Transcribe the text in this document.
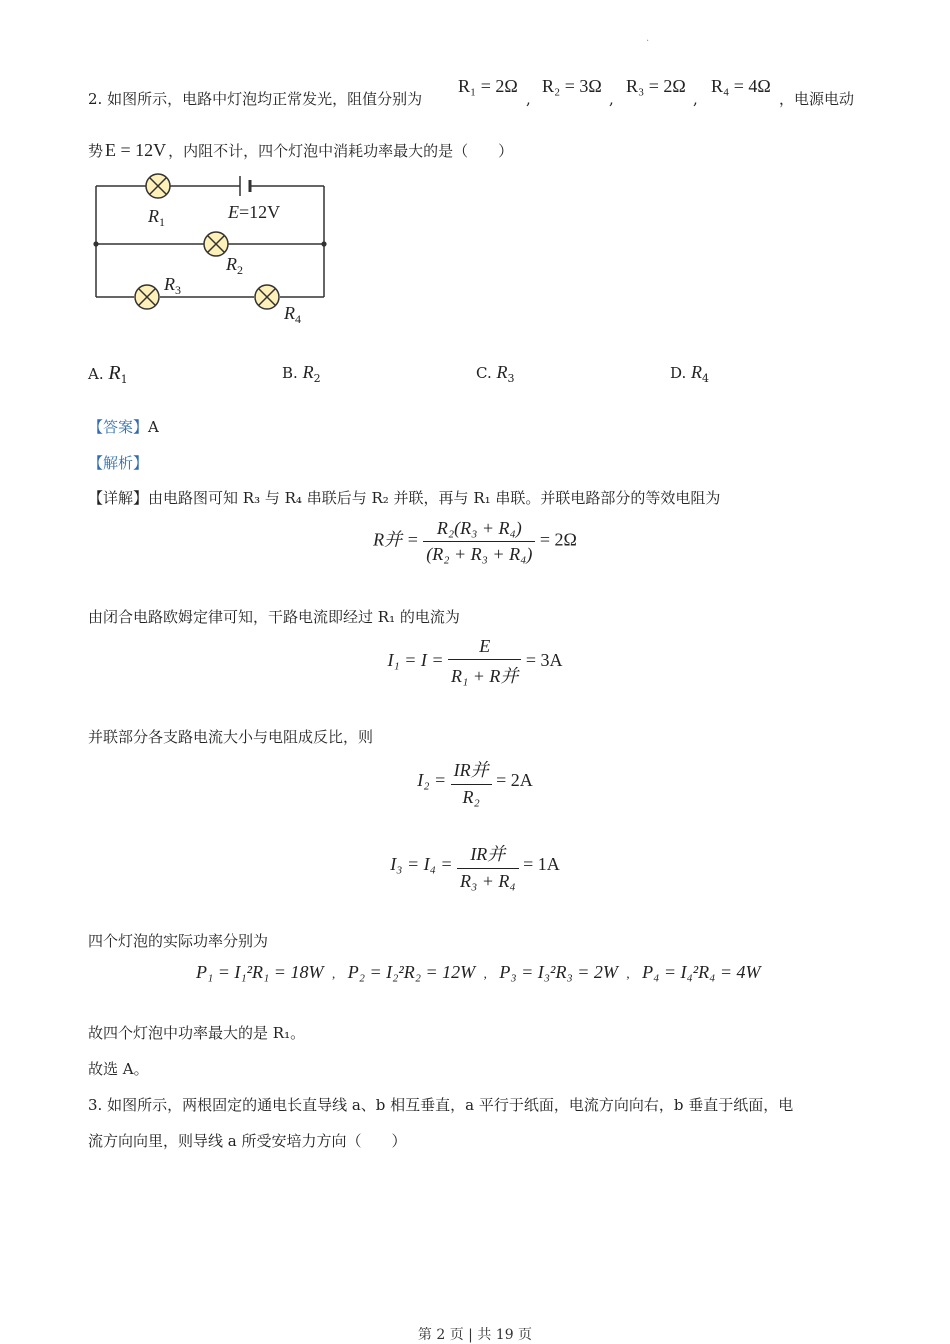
·
2. 如图所示，电路中灯泡均正常发光，阻值分别为
R₁ = 2Ω
,
R₂ = 3Ω
,
R₃ = 2Ω
,
R₄ = 4Ω
，电源电动
势 E = 12V ，内阻不计，四个灯泡中消耗功率最大的是（　　）
$R_1$	E=12V
$R_2$
$R_3$
$R_4$
A. $R_1$	B. $R_2$	C. $R_3$	D. $R_4$
【答案】A
【解析】
【详解】由电路图可知 R₃ 与 R₄ 串联后与 R₂ 并联，再与 R₁ 串联。并联电路部分的等效电阻为
R并 = $\frac{\text{R₂(R₃ + R₄)}}{\text{(R₂ + R₃ + R₄)}} = 2\Omega$
由闭合电路欧姆定律可知，干路电流即经过 R₁ 的电流为
$I_1 = I = \frac{E}{\text{R₁ + R并}} = 3A$
并联部分各支路电流大小与电阻成反比，则
$I_2 = \frac{\text{IR并}}{\text{R₂}} = 2A$
$I_3 = I_4 = \frac{\text{IR并}}{\text{R₃ + R₄}} = 1A$
四个灯泡的实际功率分别为
P₁ = I₁²R₁ = 18W , P₂ = I₂²R₂ = 12W , P₃ = I₃²R₃ = 2W , P₄ = I₄²R₄ = 4W
故四个灯泡中功率最大的是 R₁。
故选 A。
3. 如图所示，两根固定的通电长直导线 a、b 相互垂直，a 平行于纸面，电流方向向右，b 垂直于纸面，电
流方向向里，则导线 a 所受安培力方向（　　）
第 2 页 | 共 19 页
